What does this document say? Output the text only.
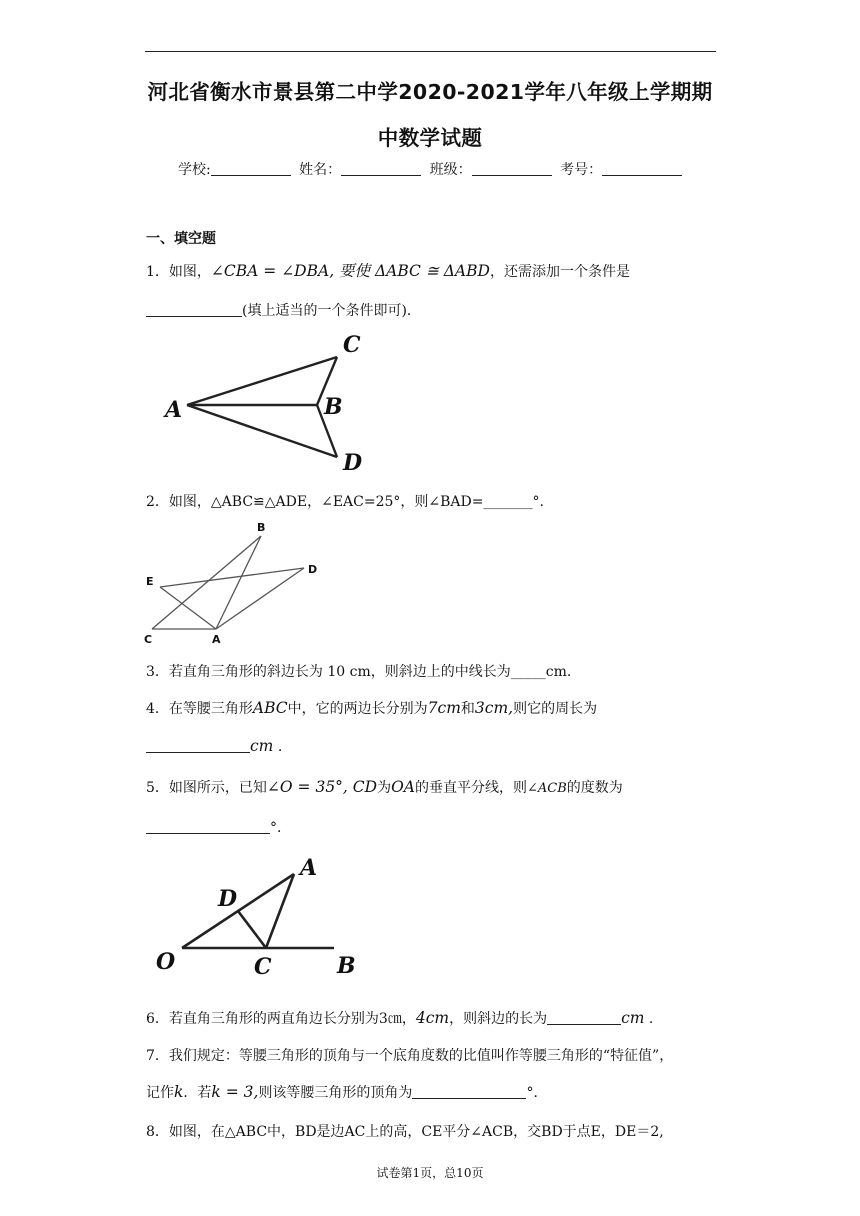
河北省衡水市景县第二中学2020-2021学年八年级上学期期
中数学试题
学校:	姓名：	班级：	考号：
一、填空题
1．如图，∠CBA = ∠DBA, 要使 ΔABC ≅ ΔABD，还需添加一个条件是
(填上适当的一个条件即可)．
A	B
C
D
2．如图，△ABC≌△ADE，∠EAC=25°，则∠BAD=_______°.
B
D
E
C	A
3．若直角三角形的斜边长为 10 cm，则斜边上的中线长为_____cm.
4．在等腰三角形ABC中，它的两边长分别为7cm和3cm,则它的周长为
cm .
5．如图所示，已知∠O = 35°, CD为OA的垂直平分线，则∠ACB的度数为
°．
A
D
O	C	B
6．若直角三角形的两直角边长分别为3㎝，4cm，则斜边的长为	cm .
7．我们规定：等腰三角形的顶角与一个底角度数的比值叫作等腰三角形的“特征值”，
记作k．若k = 3,则该等腰三角形的顶角为	°．
8．如图，在△ABC中，BD是边AC上的高，CE平分∠ACB，交BD于点E，DE＝2,
试卷第1页，总10页
